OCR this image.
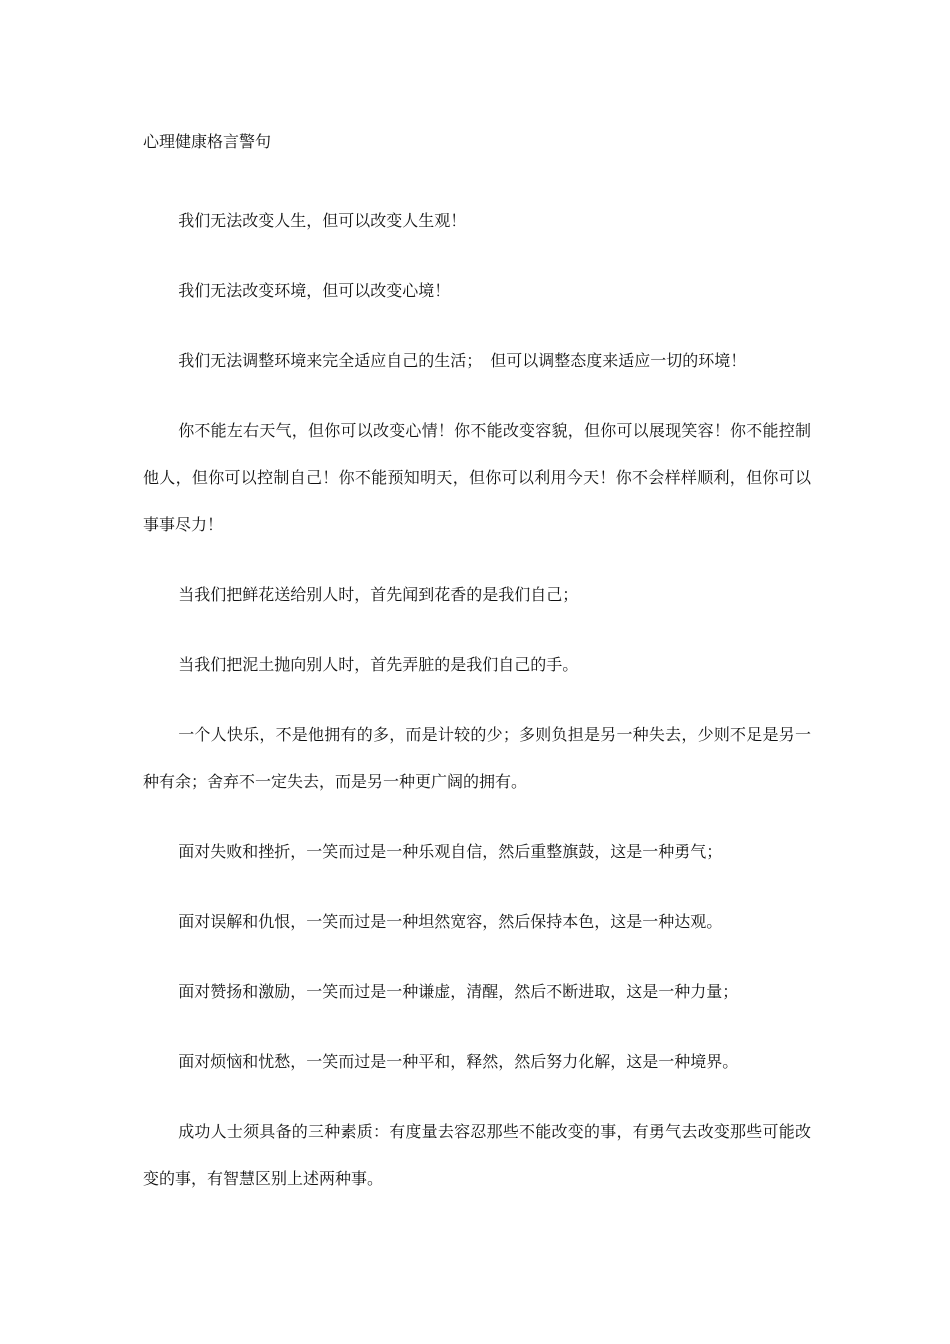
心理健康格言警句

我们无法改变人生，但可以改变人生观！

我们无法改变环境，但可以改变心境！

我们无法调整环境来完全适应自己的生活；　但可以调整态度来适应一切的环境！

你不能左右天气，但你可以改变心情！你不能改变容貌，但你可以展现笑容！你不能控制他人，但你可以控制自己！你不能预知明天，但你可以利用今天！你不会样样顺利，但你可以事事尽力！

当我们把鲜花送给别人时，首先闻到花香的是我们自己；

当我们把泥土抛向别人时，首先弄脏的是我们自己的手。

一个人快乐，不是他拥有的多，而是计较的少；多则负担是另一种失去，少则不足是另一种有余；舍弃不一定失去，而是另一种更广阔的拥有。

面对失败和挫折，一笑而过是一种乐观自信，然后重整旗鼓，这是一种勇气；

面对误解和仇恨，一笑而过是一种坦然宽容，然后保持本色，这是一种达观。

面对赞扬和激励，一笑而过是一种谦虚，清醒，然后不断进取，这是一种力量；

面对烦恼和忧愁，一笑而过是一种平和，释然，然后努力化解，这是一种境界。

成功人士须具备的三种素质：有度量去容忍那些不能改变的事，有勇气去改变那些可能改变的事，有智慧区别上述两种事。
